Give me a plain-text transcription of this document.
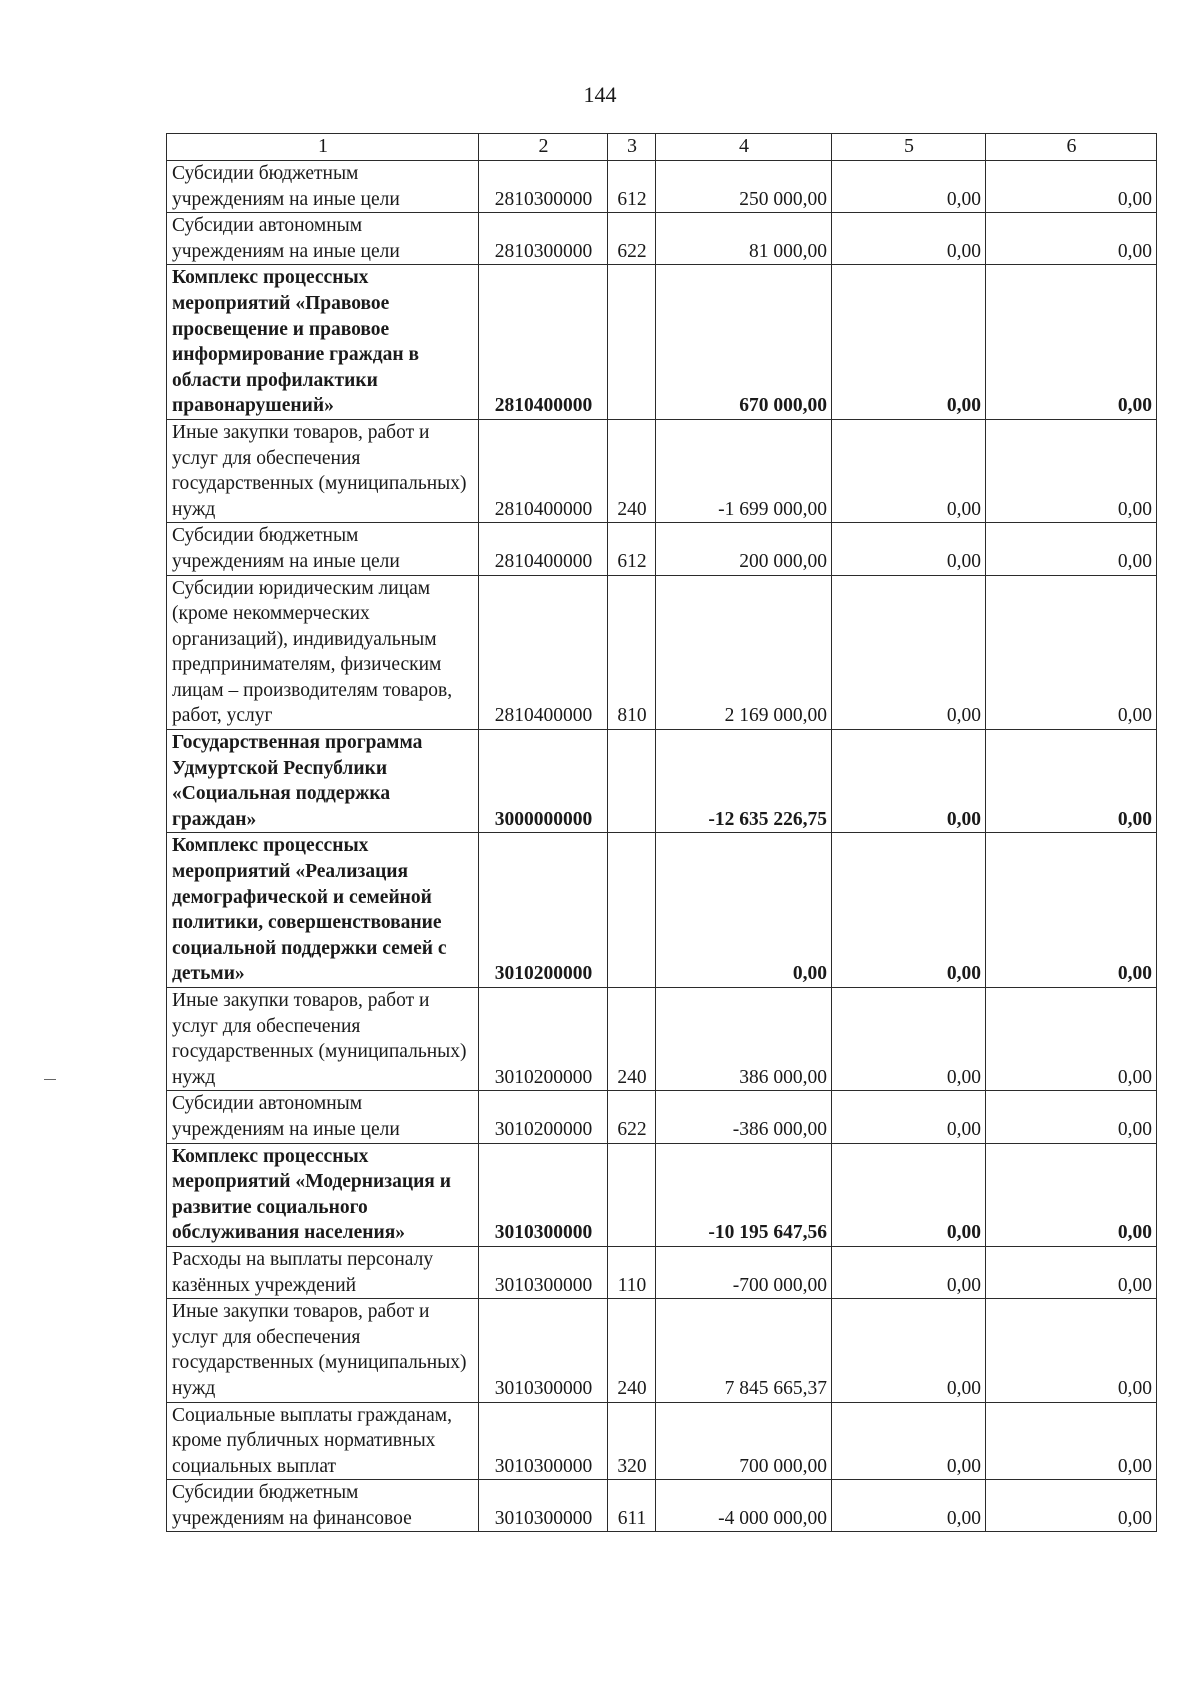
144
1	2	3	4	5	6
Субсидии бюджетным учреждениям на иные цели	2810300000	612	250 000,00	0,00	0,00
Субсидии автономным учреждениям на иные цели	2810300000	622	81 000,00	0,00	0,00
Комплекс процессных мероприятий «Правовое просвещение и правовое информирование граждан в области профилактики правонарушений»	2810400000		670 000,00	0,00	0,00
Иные закупки товаров, работ и услуг для обеспечения государственных (муниципальных) нужд	2810400000	240	-1 699 000,00	0,00	0,00
Субсидии бюджетным учреждениям на иные цели	2810400000	612	200 000,00	0,00	0,00
Субсидии юридическим лицам (кроме некоммерческих организаций), индивидуальным предпринимателям, физическим лицам – производителям товаров, работ, услуг	2810400000	810	2 169 000,00	0,00	0,00
Государственная программа Удмуртской Республики «Социальная поддержка граждан»	3000000000		-12 635 226,75	0,00	0,00
Комплекс процессных мероприятий «Реализация демографической и семейной политики, совершенствование социальной поддержки семей с детьми»	3010200000		0,00	0,00	0,00
Иные закупки товаров, работ и услуг для обеспечения государственных (муниципальных) нужд	3010200000	240	386 000,00	0,00	0,00
Субсидии автономным учреждениям на иные цели	3010200000	622	-386 000,00	0,00	0,00
Комплекс процессных мероприятий «Модернизация и развитие социального обслуживания населения»	3010300000		-10 195 647,56	0,00	0,00
Расходы на выплаты персоналу казённых учреждений	3010300000	110	-700 000,00	0,00	0,00
Иные закупки товаров, работ и услуг для обеспечения государственных (муниципальных) нужд	3010300000	240	7 845 665,37	0,00	0,00
Социальные выплаты гражданам, кроме публичных нормативных социальных выплат	3010300000	320	700 000,00	0,00	0,00
Субсидии бюджетным учреждениям на финансовое	3010300000	611	-4 000 000,00	0,00	0,00
